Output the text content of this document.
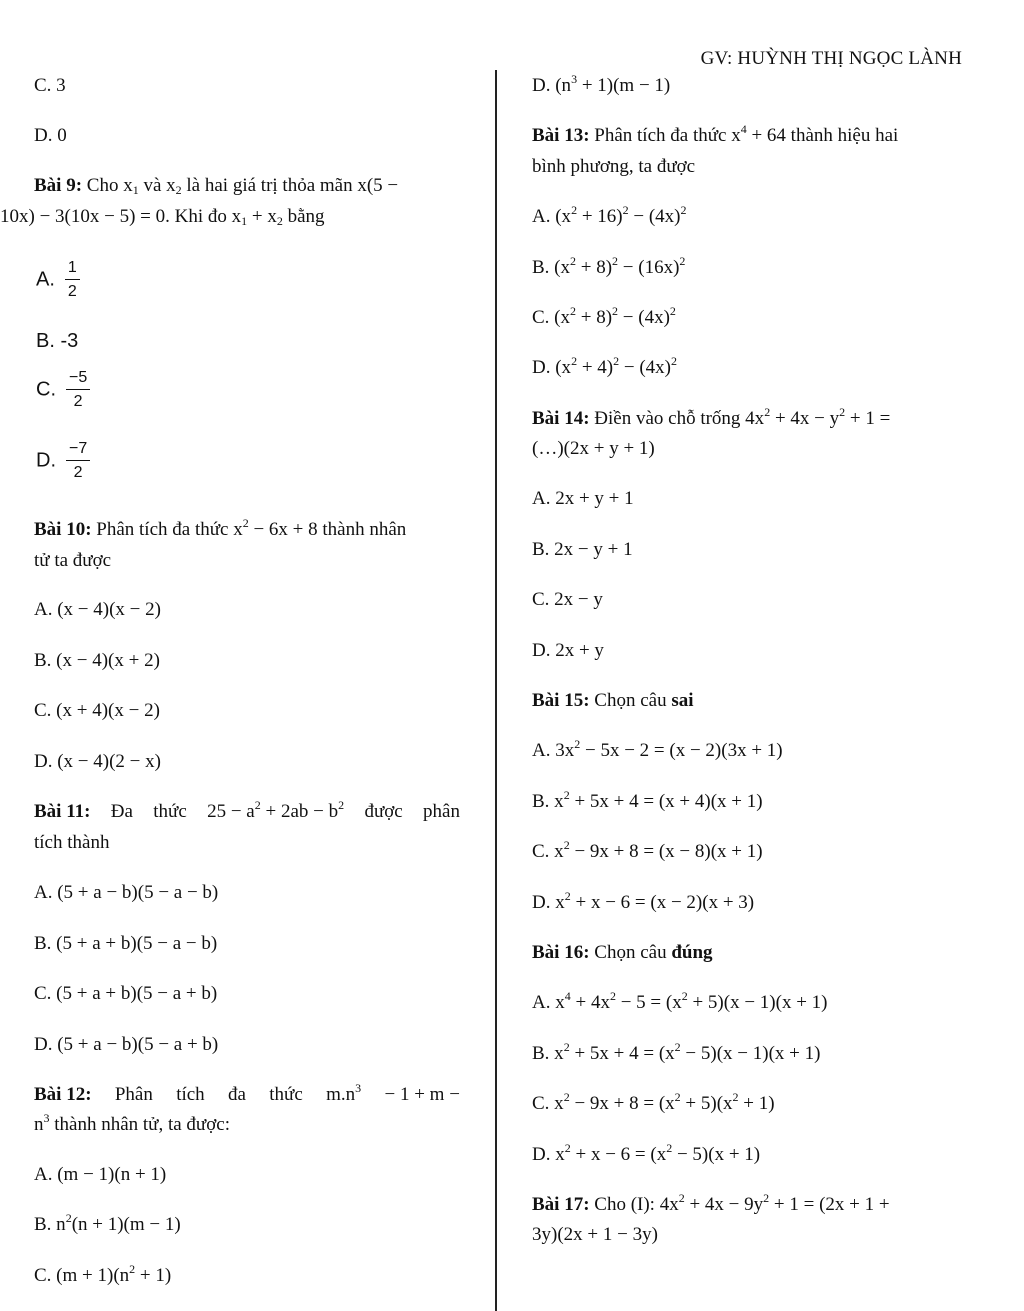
GV: HUỲNH THỊ NGỌC LÀNH
C. 3
D. 0
Bài 9: Cho $x_1$ và $x_2$ là hai giá trị thỏa mãn x(5 −
10x) − 3(10x − 5) = 0. Khi đo $x_1 + x_2$ bằng
A. $\frac{1}{2}$
B. -3
C. $\frac{-5}{2}$
D. $\frac{-7}{2}$
Bài 10: Phân tích đa thức $x^2 - 6x + 8$ thành nhân
tử ta được
A. (x − 4)(x − 2)
B. (x − 4)(x + 2)
C. (x + 4)(x − 2)
D. (x − 4)(2 − x)
Bài 11: Đa thức $25 - a^2 + 2ab - b^2$ được phân
tích thành
A. (5 + a − b)(5 − a − b)
B. (5 + a + b)(5 − a − b)
C. (5 + a + b)(5 − a + b)
D. (5 + a − b)(5 − a + b)
Bài 12: Phân tích đa thức $m.n^3 - 1 + m$ −
$n^3$ thành nhân tử, ta được:
A. (m − 1)(n + 1)
B. $n^2(n + 1)(m - 1)$
C. $(m + 1)(n^2 + 1)$
D. $(n^3 + 1)(m - 1)$
Bài 13: Phân tích đa thức $x^4 + 64$ thành hiệu hai
bình phương, ta được
A. $(x^2 + 16)^2 - (4x)^2$
B. $(x^2 + 8)^2 - (16x)^2$
C. $(x^2 + 8)^2 - (4x)^2$
D. $(x^2 + 4)^2 - (4x)^2$
Bài 14: Điền vào chỗ trống $4x^2 + 4x - y^2 + 1$ =
(…)(2x + y + 1)
A. 2x + y + 1
B. 2x − y + 1
C. 2x − y
D. 2x + y
Bài 15: Chọn câu sai
A. $3x^2 - 5x - 2 = (x - 2)(3x + 1)$
B. $x^2 + 5x + 4 = (x + 4)(x + 1)$
C. $x^2 - 9x + 8 = (x - 8)(x + 1)$
D. $x^2 + x - 6 = (x - 2)(x + 3)$
Bài 16: Chọn câu đúng
A. $x^4 + 4x^2 - 5 = (x^2 + 5)(x - 1)(x + 1)$
B. $x^2 + 5x + 4 = (x^2 - 5)(x - 1)(x + 1)$
C. $x^2 - 9x + 8 = (x^2 + 5)(x^2 + 1)$
D. $x^2 + x - 6 = (x^2 - 5)(x + 1)$
Bài 17: Cho (I): $4x^2 + 4x - 9y^2 + 1 = (2x + 1$ +
3y)(2x + 1 − 3y)
